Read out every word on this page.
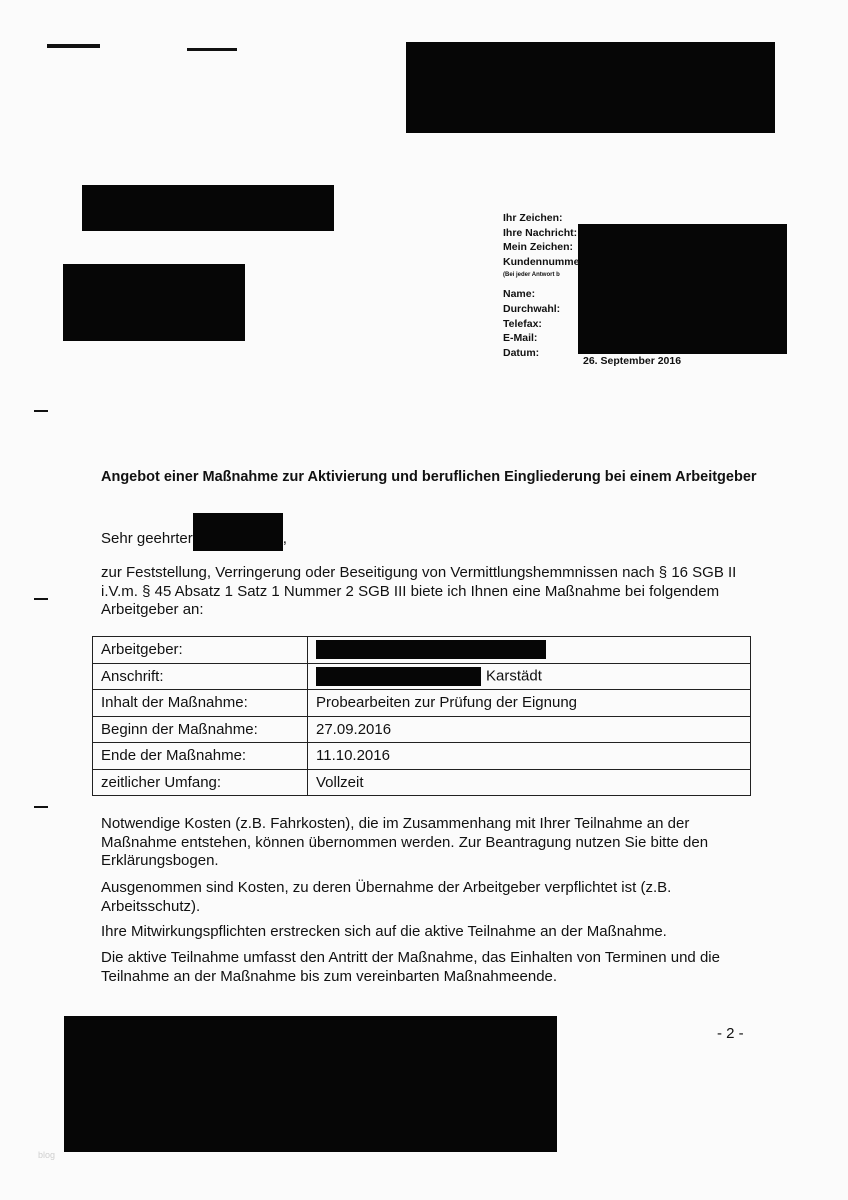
Ihr Zeichen:
Ihre Nachricht:
Mein Zeichen:
Kundennumme
(Bei jeder Antwort b
Name:
Durchwahl:
Telefax:
E-Mail:
Datum:
26. September 2016
Angebot einer Maßnahme zur Aktivierung und beruflichen Eingliederung bei einem Arbeitgeber
Sehr geehrter	,
zur Feststellung, Verringerung oder Beseitigung von Vermittlungshemmnissen nach § 16 SGB II i.V.m. § 45 Absatz 1 Satz 1 Nummer 2 SGB III biete ich Ihnen eine Maßnahme bei folgendem Arbeitgeber an:
Arbeitgeber:	
Anschrift:	Karstädt
Inhalt der Maßnahme:	Probearbeiten zur Prüfung der Eignung
Beginn der Maßnahme:	27.09.2016
Ende der Maßnahme:	11.10.2016
zeitlicher Umfang:	Vollzeit
Notwendige Kosten (z.B. Fahrkosten), die im Zusammenhang mit Ihrer Teilnahme an der Maßnahme entstehen, können übernommen werden. Zur Beantragung nutzen Sie bitte den Erklärungsbogen.
Ausgenommen sind Kosten, zu deren Übernahme der Arbeitgeber verpflichtet ist (z.B. Arbeitsschutz).
Ihre Mitwirkungspflichten erstrecken sich auf die aktive Teilnahme an der Maßnahme.
Die aktive Teilnahme umfasst den Antritt der Maßnahme, das Einhalten von Terminen und die Teilnahme an der Maßnahme bis zum vereinbarten Maßnahmeende.
- 2 -
blog
